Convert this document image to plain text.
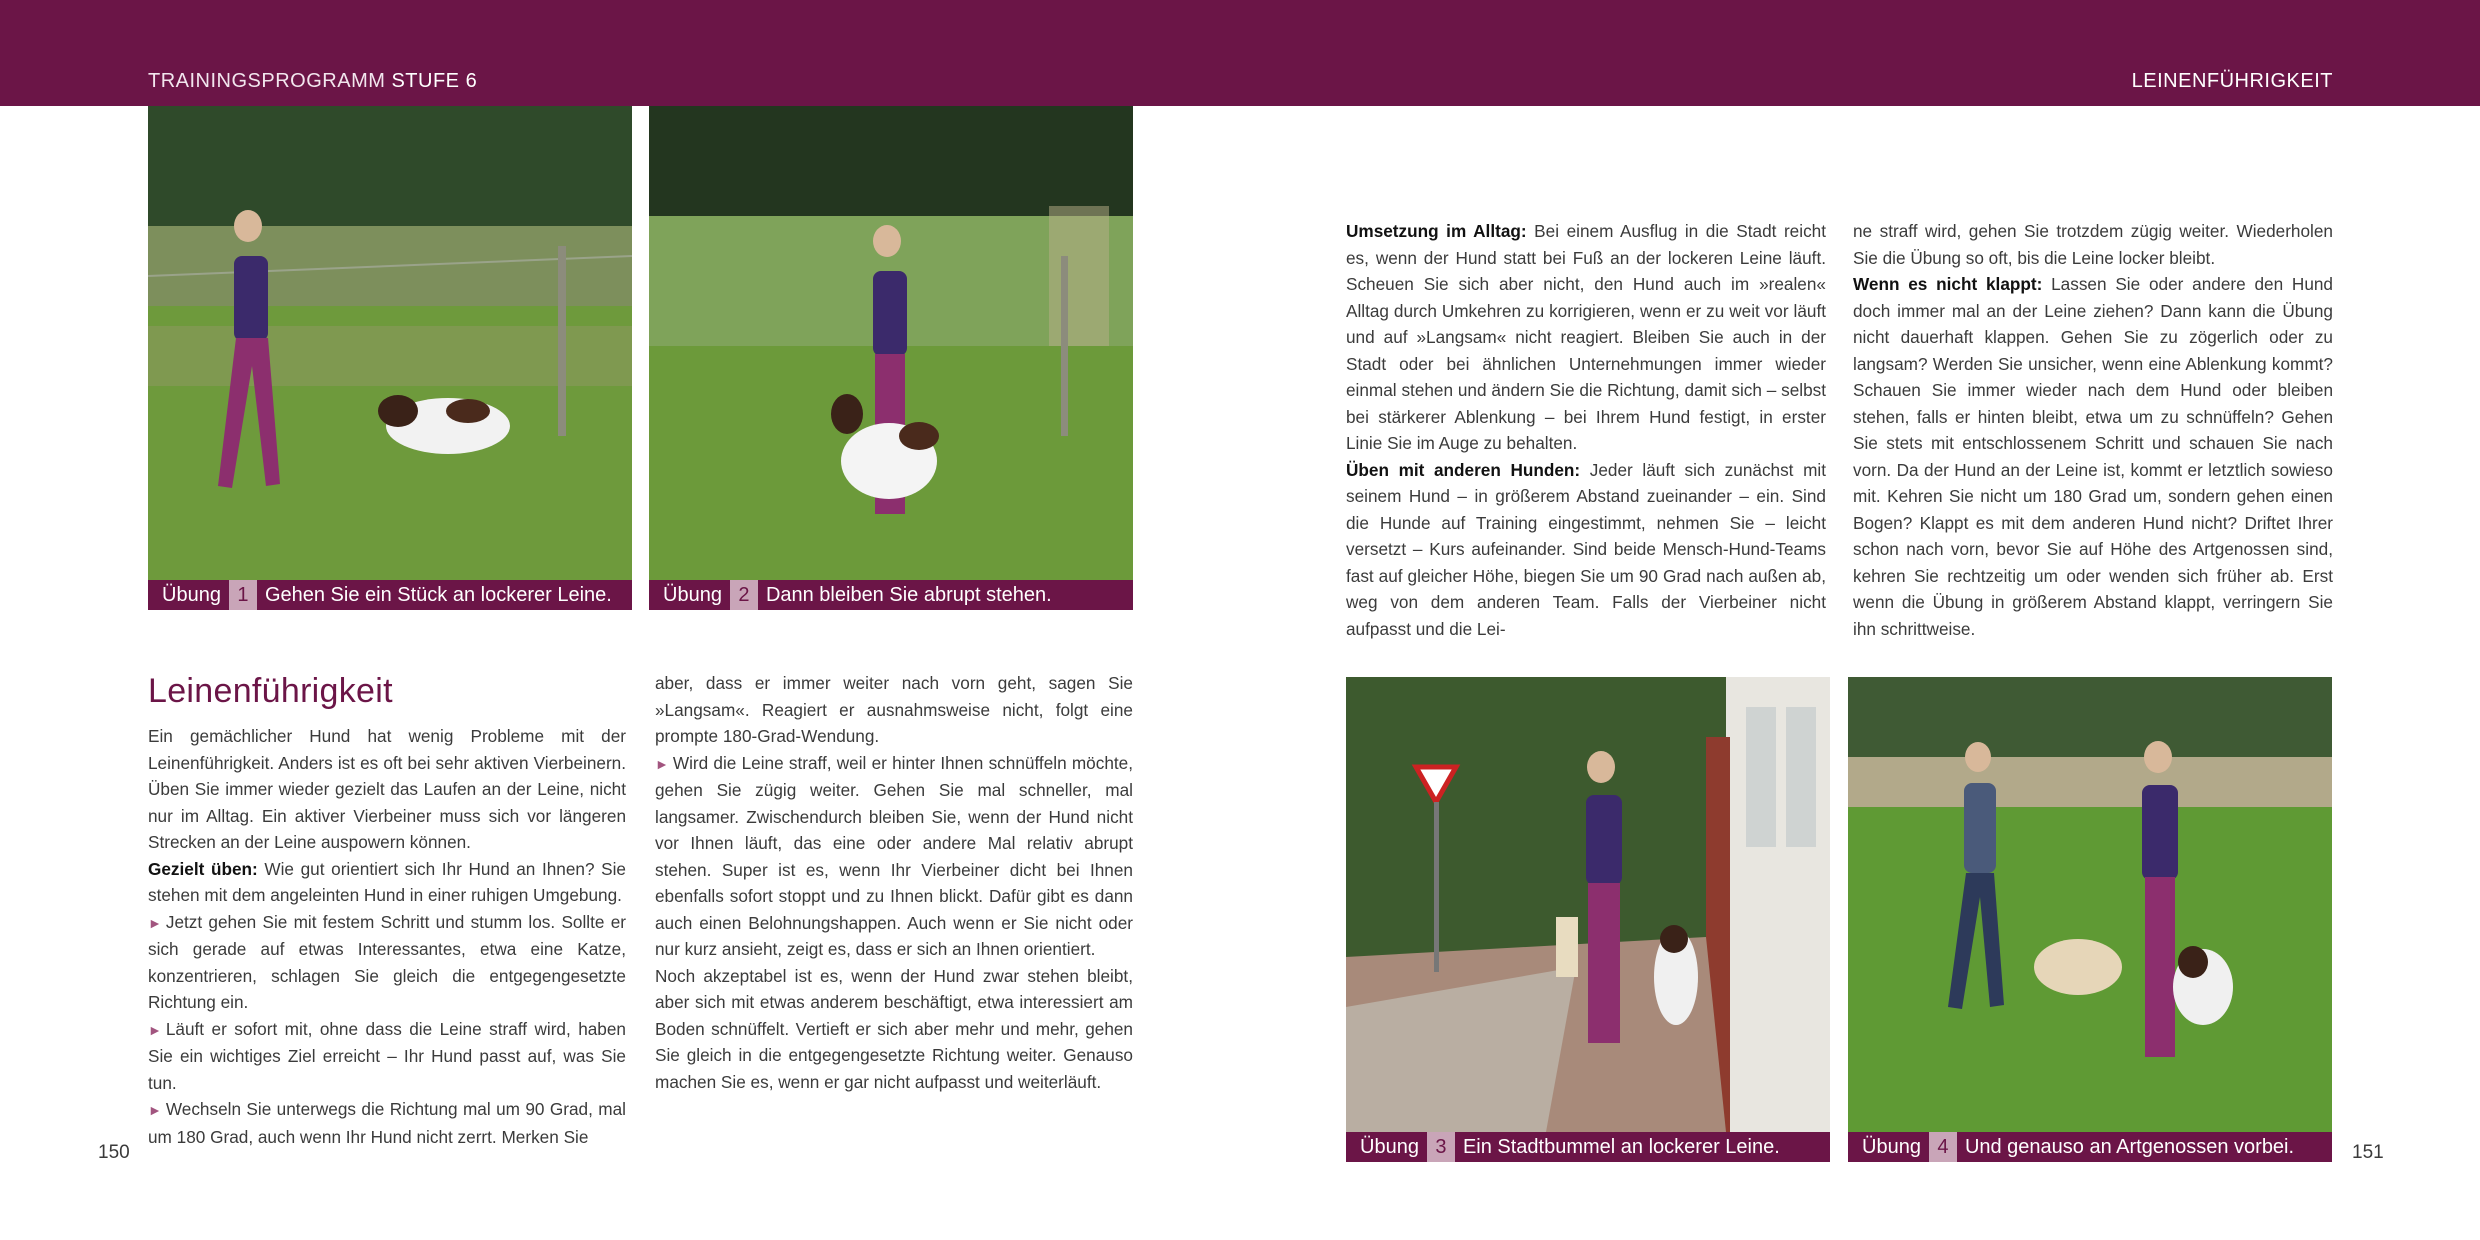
TRAININGSPROGRAMM STUFE 6	LEINENFÜHRIGKEIT
Übung 1 Gehen Sie ein Stück an lockerer Leine.	Übung 2 Dann bleiben Sie abrupt stehen.
Leinenführigkeit

Ein gemächlicher Hund hat wenig Probleme mit der Leinenführigkeit. Anders ist es oft bei sehr aktiven Vierbeinern. Üben Sie immer wieder gezielt das Laufen an der Leine, nicht nur im Alltag. Ein aktiver Vierbeiner muss sich vor längeren Strecken an der Leine auspowern können.

Gezielt üben: Wie gut orientiert sich Ihr Hund an Ihnen? Sie stehen mit dem angeleinten Hund in einer ruhigen Umgebung.

► Jetzt gehen Sie mit festem Schritt und stumm los. Sollte er sich gerade auf etwas Interessantes, etwa eine Katze, konzentrieren, schlagen Sie gleich die entgegengesetzte Richtung ein.

► Läuft er sofort mit, ohne dass die Leine straff wird, haben Sie ein wichtiges Ziel erreicht – Ihr Hund passt auf, was Sie tun.

► Wechseln Sie unterwegs die Richtung mal um 90 Grad, mal um 180 Grad, auch wenn Ihr Hund nicht zerrt. Merken Sie

aber, dass er immer weiter nach vorn geht, sagen Sie »Langsam«. Reagiert er ausnahmsweise nicht, folgt eine prompte 180-Grad-Wendung.

► Wird die Leine straff, weil er hinter Ihnen schnüffeln möchte, gehen Sie zügig weiter. Gehen Sie mal schneller, mal langsamer. Zwischendurch bleiben Sie, wenn der Hund nicht vor Ihnen läuft, das eine oder andere Mal relativ abrupt stehen. Super ist es, wenn Ihr Vierbeiner dicht bei Ihnen ebenfalls sofort stoppt und zu Ihnen blickt. Dafür gibt es dann auch einen Belohnungshappen. Auch wenn er Sie nicht oder nur kurz ansieht, zeigt es, dass er sich an Ihnen orientiert.

Noch akzeptabel ist es, wenn der Hund zwar stehen bleibt, aber sich mit etwas anderem beschäftigt, etwa interessiert am Boden schnüffelt. Vertieft er sich aber mehr und mehr, gehen Sie gleich in die entgegengesetzte Richtung weiter. Genauso machen Sie es, wenn er gar nicht aufpasst und weiterläuft.

Umsetzung im Alltag: Bei einem Ausflug in die Stadt reicht es, wenn der Hund statt bei Fuß an der lockeren Leine läuft. Scheuen Sie sich aber nicht, den Hund auch im »realen« Alltag durch Umkehren zu korrigieren, wenn er zu weit vor läuft und auf »Langsam« nicht reagiert. Bleiben Sie auch in der Stadt oder bei ähnlichen Unternehmungen immer wieder einmal stehen und ändern Sie die Richtung, damit sich – selbst bei stärkerer Ablenkung – bei Ihrem Hund festigt, in erster Linie Sie im Auge zu behalten.

Üben mit anderen Hunden: Jeder läuft sich zunächst mit seinem Hund – in größerem Abstand zueinander – ein. Sind die Hunde auf Training eingestimmt, nehmen Sie – leicht versetzt – Kurs aufeinander. Sind beide Mensch-Hund-Teams fast auf gleicher Höhe, biegen Sie um 90 Grad nach außen ab, weg von dem anderen Team. Falls der Vierbeiner nicht aufpasst und die Lei-

ne straff wird, gehen Sie trotzdem zügig weiter. Wiederholen Sie die Übung so oft, bis die Leine locker bleibt.

Wenn es nicht klappt: Lassen Sie oder andere den Hund doch immer mal an der Leine ziehen? Dann kann die Übung nicht dauerhaft klappen. Gehen Sie zu zögerlich oder zu langsam? Werden Sie unsicher, wenn eine Ablenkung kommt? Schauen Sie immer wieder nach dem Hund oder bleiben stehen, falls er hinten bleibt, etwa um zu schnüffeln? Gehen Sie stets mit entschlossenem Schritt und schauen Sie nach vorn. Da der Hund an der Leine ist, kommt er letztlich sowieso mit. Kehren Sie nicht um 180 Grad um, sondern gehen einen Bogen? Klappt es mit dem anderen Hund nicht? Driftet Ihrer schon nach vorn, bevor Sie auf Höhe des Artgenossen sind, kehren Sie rechtzeitig um oder wenden sich früher ab. Erst wenn die Übung in größerem Abstand klappt, verringern Sie ihn schrittweise.

Übung 3 Ein Stadtbummel an lockerer Leine.	Übung 4 Und genauso an Artgenossen vorbei.
150	151
